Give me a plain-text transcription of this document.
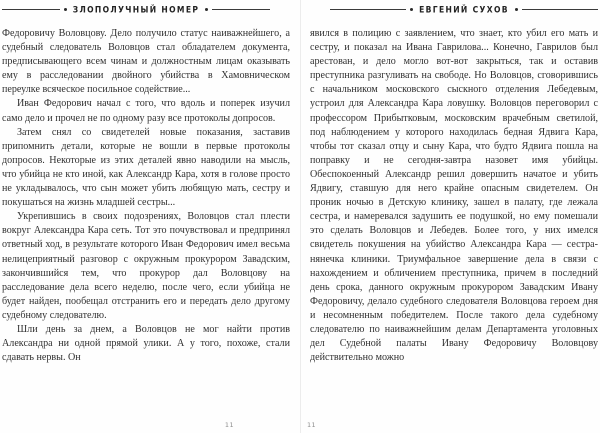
ЗЛОПОЛУЧНЫЙ НОМЕР

Федоровичу Воловцову. Дело получило статус наиважнейшего, а судебный следователь Воловцов стал обладателем документа, предписывающего всем чинам и должностным лицам оказывать ему в расследовании двойного убийства в Хамовническом переулке всяческое посильное содействие...

Иван Федорович начал с того, что вдоль и поперек изучил само дело и прочел не по одному разу все протоколы допросов.

Затем снял со свидетелей новые показания, заставив припомнить детали, которые не вошли в первые протоколы допросов. Некоторые из этих деталей явно наводили на мысль, что убийца не кто иной, как Александр Кара, хотя в голове просто не укладывалось, что сын может убить любящую мать, сестру и покушаться на жизнь младшей сестры...

Укрепившись в своих подозрениях, Воловцов стал плести вокруг Александра Кара сеть. Тот это почувствовал и предпринял ответный ход, в результате которого Иван Федорович имел весьма нелицеприятный разговор с окружным прокурором Завадским, закончившийся тем, что прокурор дал Воловцову на расследование дела всего неделю, после чего, если убийца не будет найден, пообещал отстранить его и передать дело другому судебному следователю.

Шли день за днем, а Воловцов не мог найти против Александра ни одной прямой улики. А у того, похоже, стали сдавать нервы. Он

11
ЕВГЕНИЙ СУХОВ

явился в полицию с заявлением, что знает, кто убил его мать и сестру, и показал на Ивана Гаврилова... Конечно, Гаврилов был арестован, и дело могло вот-вот закрыться, так и оставив преступника разгуливать на свободе. Но Воловцов, сговорившись с начальником московского сыскного отделения Лебедевым, устроил для Александра Кара ловушку. Воловцов переговорил с профессором Прибытковым, московским врачебным светилой, под наблюдением у которого находилась бедная Ядвига Кара, чтобы тот сказал отцу и сыну Кара, что будто Ядвига пошла на поправку и не сегодня-завтра назовет имя убийцы. Обеспокоенный Александр решил довершить начатое и убить Ядвигу, ставшую для него крайне опасным свидетелем. Он проник ночью в Детскую клинику, зашел в палату, где лежала сестра, и намеревался задушить ее подушкой, но ему помешали это сделать Воловцов и Лебедев. Более того, у них имелся свидетель покушения на убийство Александра Кара — сестра-нянечка клиники. Триумфальное завершение дела в связи с нахождением и обличением преступника, причем в последний день срока, данного окружным прокурором Завадским Ивану Федоровичу, делало судебного следователя Воловцова героем дня и несомненным победителем. После такого дела судебному следователю по наиважнейшим делам Департамента уголовных дел Судебной палаты Ивану Федоровичу Воловцову действительно можно

11
